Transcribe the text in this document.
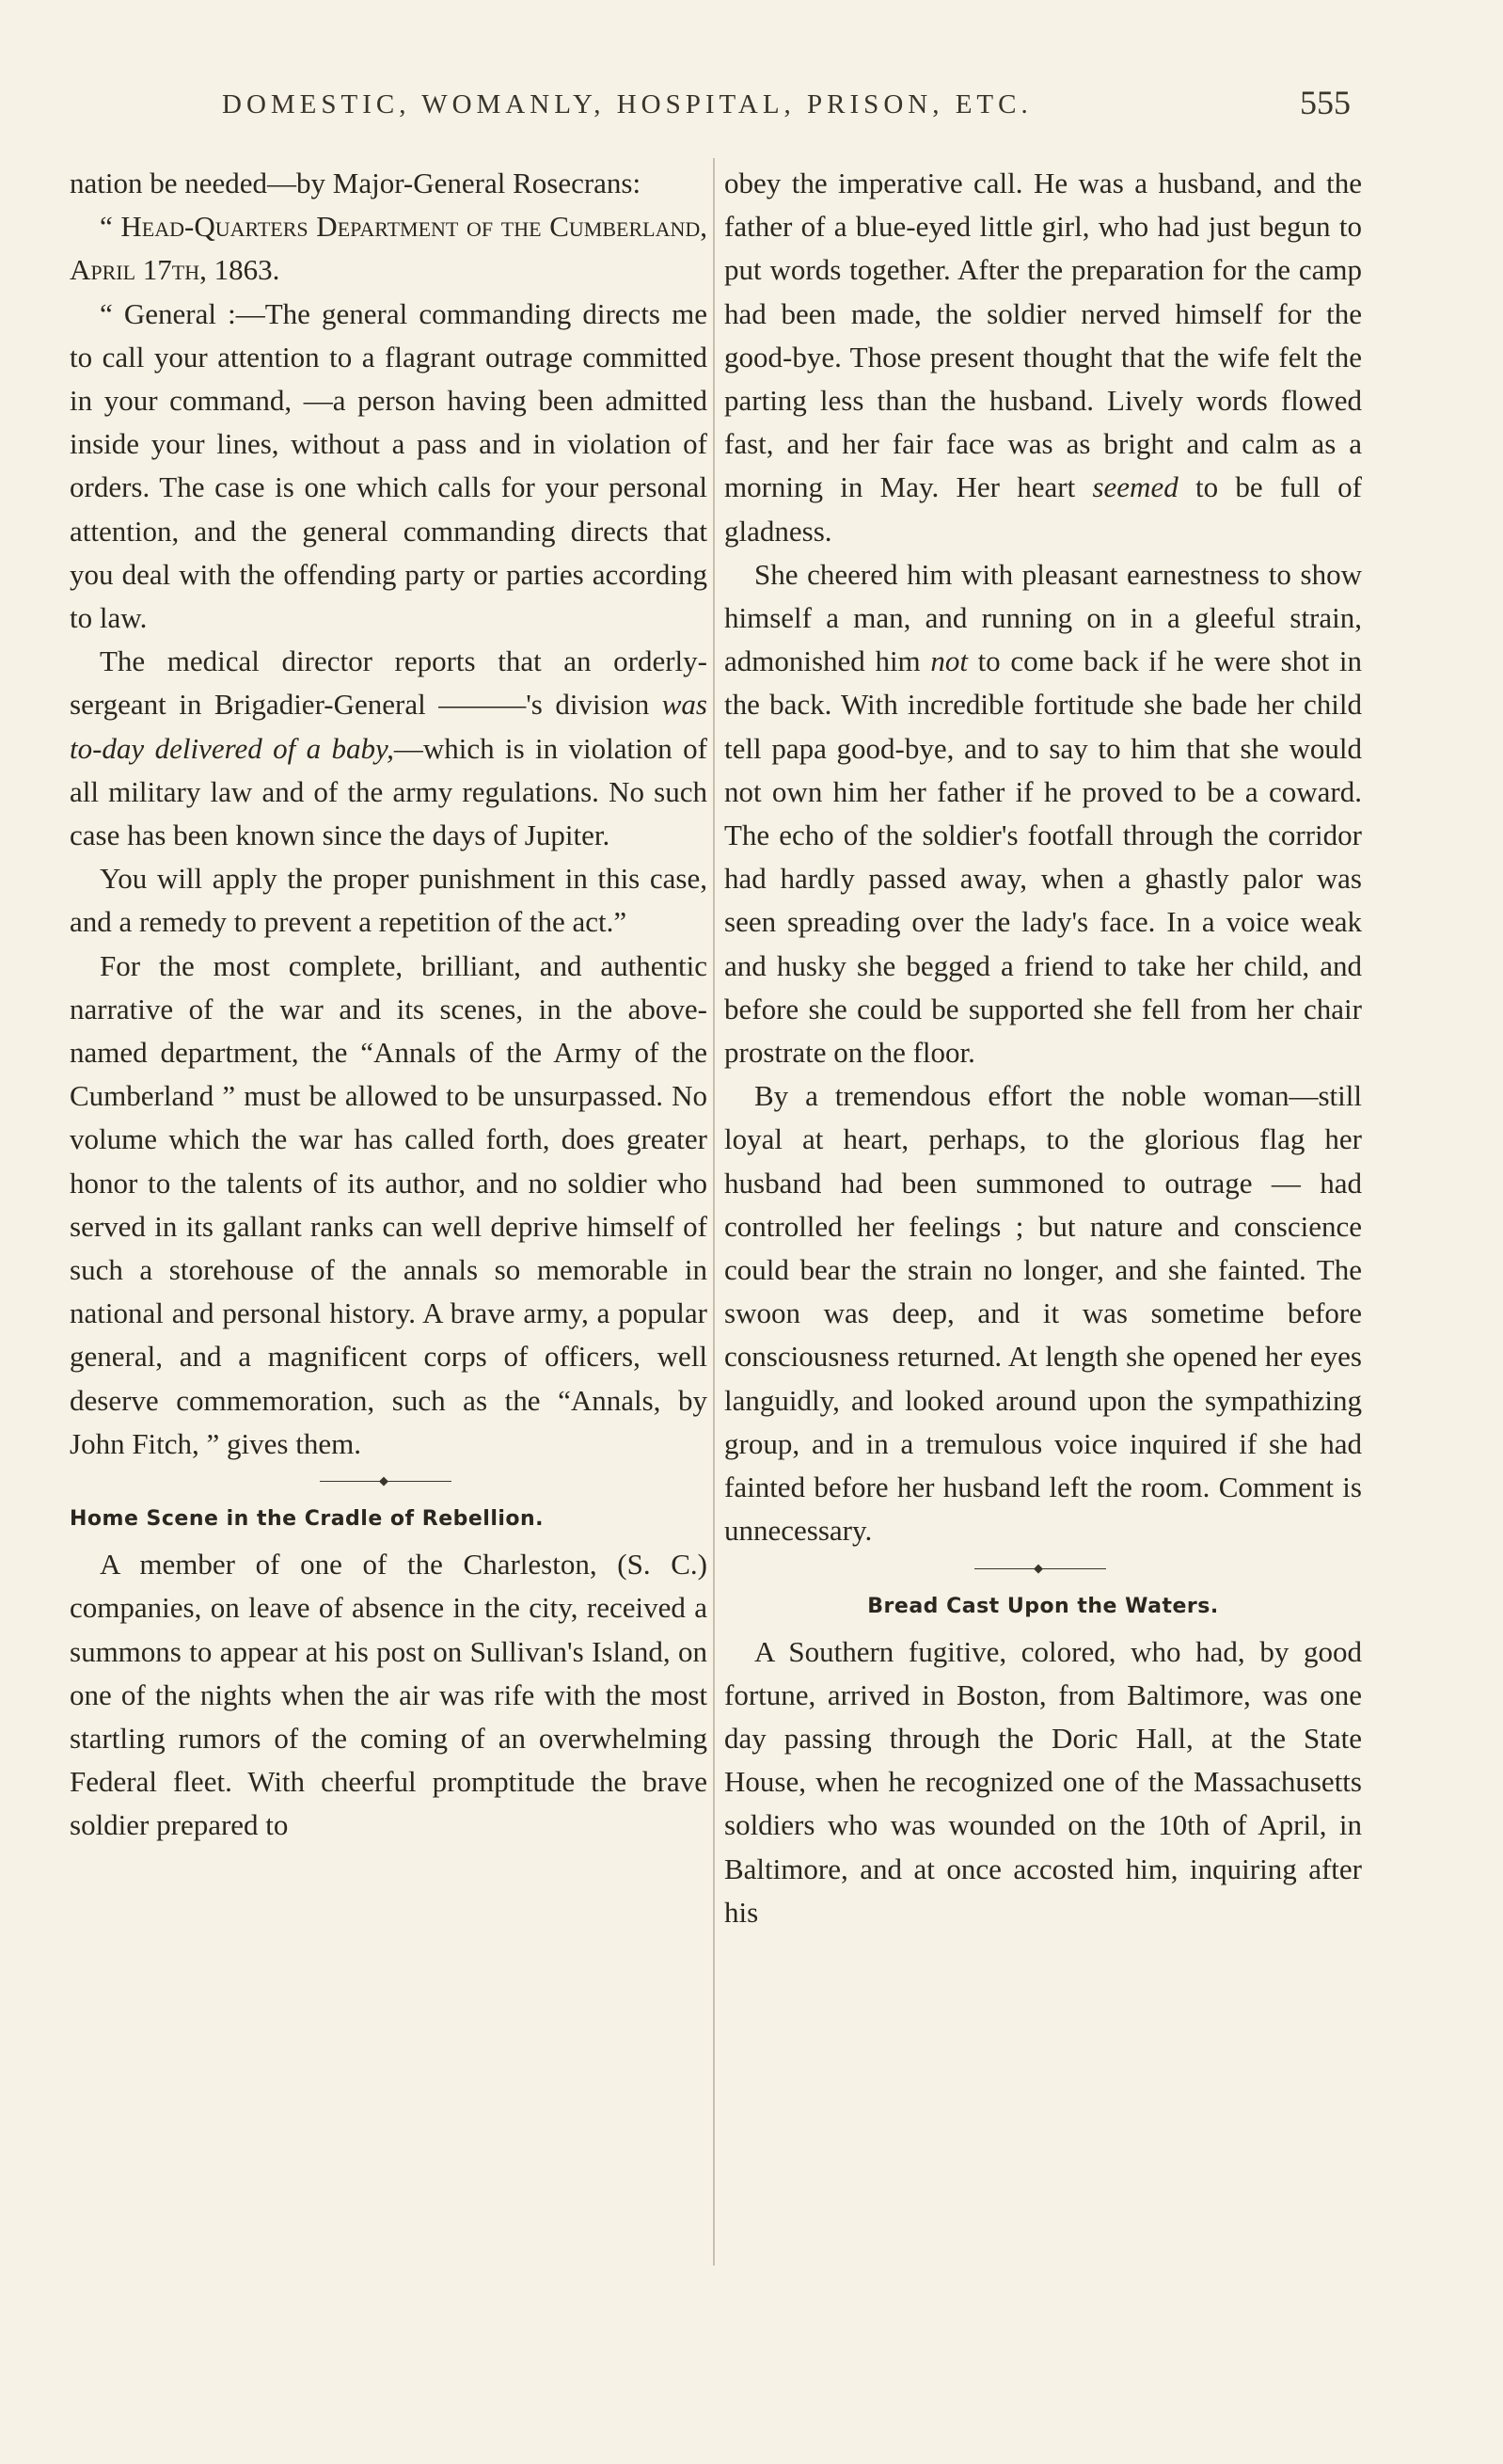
DOMESTIC, WOMANLY, HOSPITAL, PRISON, ETC.	555

nation be needed—by Major-General Rosecrans:

“ Head-Quarters Department of the Cumberland, April 17th, 1863.

“ General :—The general commanding directs me to call your attention to a flagrant outrage committed in your command, —a person having been admitted inside your lines, without a pass and in violation of orders. The case is one which calls for your personal attention, and the general commanding directs that you deal with the offending party or parties according to law.

The medical director reports that an orderly-sergeant in Brigadier-General ———'s division was to-day delivered of a baby,—which is in violation of all military law and of the army regulations. No such case has been known since the days of Jupiter.

You will apply the proper punishment in this case, and a remedy to prevent a repetition of the act.”

For the most complete, brilliant, and authentic narrative of the war and its scenes, in the above-named department, the “Annals of the Army of the Cumberland ” must be allowed to be unsurpassed. No volume which the war has called forth, does greater honor to the talents of its author, and no soldier who served in its gallant ranks can well deprive himself of such a storehouse of the annals so memorable in national and personal history. A brave army, a popular general, and a magnificent corps of officers, well deserve commemoration, such as the “Annals, by John Fitch, ” gives them.

◆
Home Scene in the Cradle of Rebellion.

A member of one of the Charleston, (S. C.) companies, on leave of absence in the city, received a summons to appear at his post on Sullivan's Island, on one of the nights when the air was rife with the most startling rumors of the coming of an overwhelming Federal fleet. With cheerful promptitude the brave soldier prepared to

obey the imperative call. He was a husband, and the father of a blue-eyed little girl, who had just begun to put words together. After the preparation for the camp had been made, the soldier nerved himself for the good-bye. Those present thought that the wife felt the parting less than the husband. Lively words flowed fast, and her fair face was as bright and calm as a morning in May. Her heart seemed to be full of gladness.

She cheered him with pleasant earnestness to show himself a man, and running on in a gleeful strain, admonished him not to come back if he were shot in the back. With incredible fortitude she bade her child tell papa good-bye, and to say to him that she would not own him her father if he proved to be a coward. The echo of the soldier's footfall through the corridor had hardly passed away, when a ghastly palor was seen spreading over the lady's face. In a voice weak and husky she begged a friend to take her child, and before she could be supported she fell from her chair prostrate on the floor.

By a tremendous effort the noble woman—still loyal at heart, perhaps, to the glorious flag her husband had been summoned to outrage — had controlled her feelings ; but nature and conscience could bear the strain no longer, and she fainted. The swoon was deep, and it was sometime before consciousness returned. At length she opened her eyes languidly, and looked around upon the sympathizing group, and in a tremulous voice inquired if she had fainted before her husband left the room. Comment is unnecessary.

◆
Bread Cast Upon the Waters.

A Southern fugitive, colored, who had, by good fortune, arrived in Boston, from Baltimore, was one day passing through the Doric Hall, at the State House, when he recognized one of the Massachusetts soldiers who was wounded on the 10th of April, in Baltimore, and at once accosted him, inquiring after his
